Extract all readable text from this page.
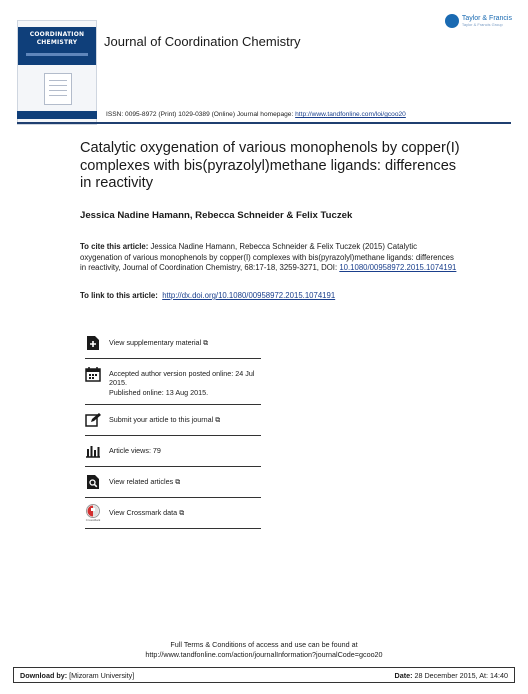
COORDINATION
CHEMISTRY	Journal of Coordination Chemistry
Taylor & Francis
Taylor & Francis Group
ISSN: 0095-8972 (Print) 1029-0389 (Online) Journal homepage: http://www.tandfonline.com/loi/gcoo20
Catalytic oxygenation of various monophenols by copper(I) complexes with bis(pyrazolyl)methane ligands: differences in reactivity
Jessica Nadine Hamann, Rebecca Schneider & Felix Tuczek
To cite this article: Jessica Nadine Hamann, Rebecca Schneider & Felix Tuczek (2015) Catalytic oxygenation of various monophenols by copper(I) complexes with bis(pyrazolyl)methane ligands: differences in reactivity, Journal of Coordination Chemistry, 68:17-18, 3259-3271, DOI: 10.1080/00958972.2015.1074191
To link to this article: http://dx.doi.org/10.1080/00958972.2015.1074191
View supplementary material ⧉
Accepted author version posted online: 24 Jul 2015.
Published online: 13 Aug 2015.
Submit your article to this journal ⧉
Article views: 79
View related articles ⧉
CrossMark
View Crossmark data ⧉
Full Terms & Conditions of access and use can be found at
http://www.tandfonline.com/action/journalInformation?journalCode=gcoo20
Download by: [Mizoram University]	Date: 28 December 2015, At: 14:40
